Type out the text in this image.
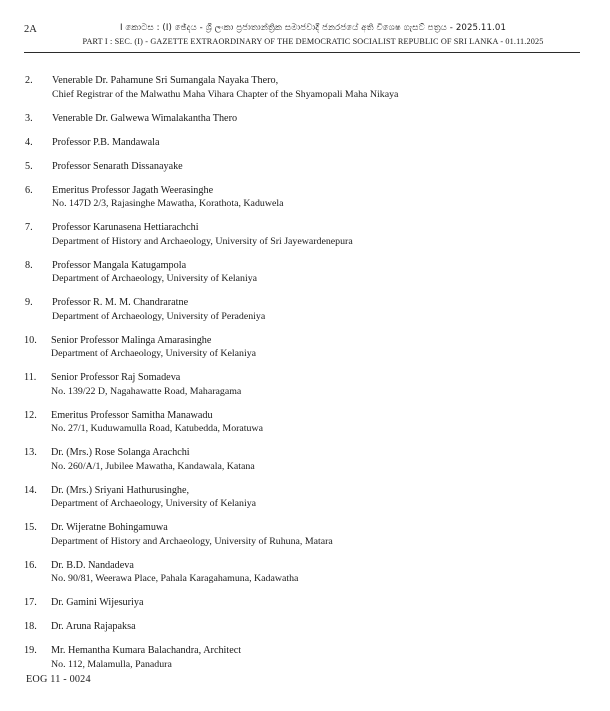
2A	I කොටස : (I) ඡේදය - ශ්‍රී ලංකා ප්‍රජාතාන්ත්‍රික සමාජවාදී ජනරජයේ අති විශෙෂ ගැසට් පත්‍රය - 2025.11.01
PART I : SEC. (I) - GAZETTE EXTRAORDINARY OF THE DEMOCRATIC SOCIALIST REPUBLIC OF SRI LANKA - 01.11.2025
2.	Venerable Dr. Pahamune Sri Sumangala Nayaka Thero,
Chief Registrar of the Malwathu Maha Vihara Chapter of the Shyamopali Maha Nikaya
3.	Venerable Dr. Galwewa Wimalakantha Thero
4.	Professor P.B. Mandawala
5.	Professor Senarath Dissanayake
6.	Emeritus Professor Jagath Weerasinghe
No. 147D 2/3, Rajasinghe Mawatha, Korathota, Kaduwela
7.	Professor Karunasena Hettiarachchi
Department of History and Archaeology, University of Sri Jayewardenepura
8.	Professor Mangala Katugampola
Department of Archaeology, University of Kelaniya
9.	Professor R. M. M. Chandraratne
Department of Archaeology, University of Peradeniya
10.	Senior Professor Malinga Amarasinghe
Department of Archaeology, University of Kelaniya
11.	Senior Professor Raj Somadeva
No. 139/22 D, Nagahawatte Road, Maharagama
12.	Emeritus Professor Samitha Manawadu
No. 27/1, Kuduwamulla Road, Katubedda, Moratuwa
13.	Dr. (Mrs.) Rose Solanga Arachchi
No. 260/A/1, Jubilee Mawatha, Kandawala, Katana
14.	Dr. (Mrs.) Sriyani Hathurusinghe,
Department of Archaeology, University of Kelaniya
15.	Dr. Wijeratne Bohingamuwa
Department of History and Archaeology, University of Ruhuna, Matara
16.	Dr. B.D. Nandadeva
No. 90/81, Weerawa Place, Pahala Karagahamuna, Kadawatha
17.	Dr. Gamini Wijesuriya
18.	Dr. Aruna Rajapaksa
19.	Mr. Hemantha Kumara Balachandra, Architect
No. 112, Malamulla, Panadura
EOG 11 - 0024
